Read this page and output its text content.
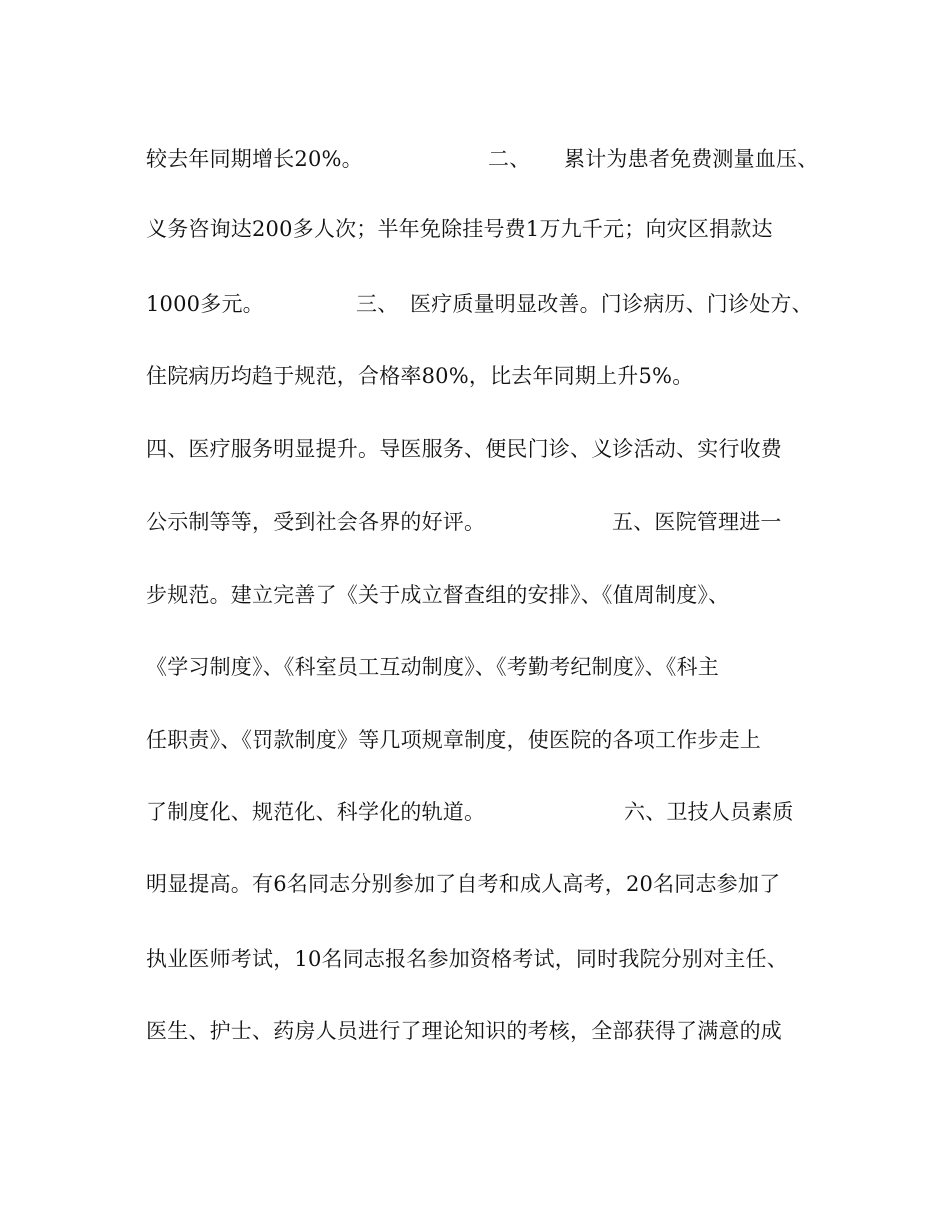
较去年同期增长20%。

	二、

累计为患者免费测量血压、

义务咨询达200多人次；半年免除挂号费1万九千元；向灾区捐款达

1000多元。

	三、

医疗质量明显改善。门诊病历、门诊处方、

住院病历均趋于规范，合格率80%，比去年同期上升5%。

四、医疗服务明显提升。导医服务、便民门诊、义诊活动、实行收费

公示制等等，受到社会各界的好评。

	五、医院管理进一

步规范。建立完善了《关于成立督查组的安排》、《值周制度》、

《学习制度》、《科室员工互动制度》、《考勤考纪制度》、《科主

任职责》、《罚款制度》等几项规章制度，使医院的各项工作步走上

了制度化、规范化、科学化的轨道。

	六、卫技人员素质

明显提高。有6名同志分别参加了自考和成人高考，20名同志参加了

执业医师考试，10名同志报名参加资格考试，同时我院分别对主任、

医生、护士、药房人员进行了理论知识的考核，全部获得了满意的成
